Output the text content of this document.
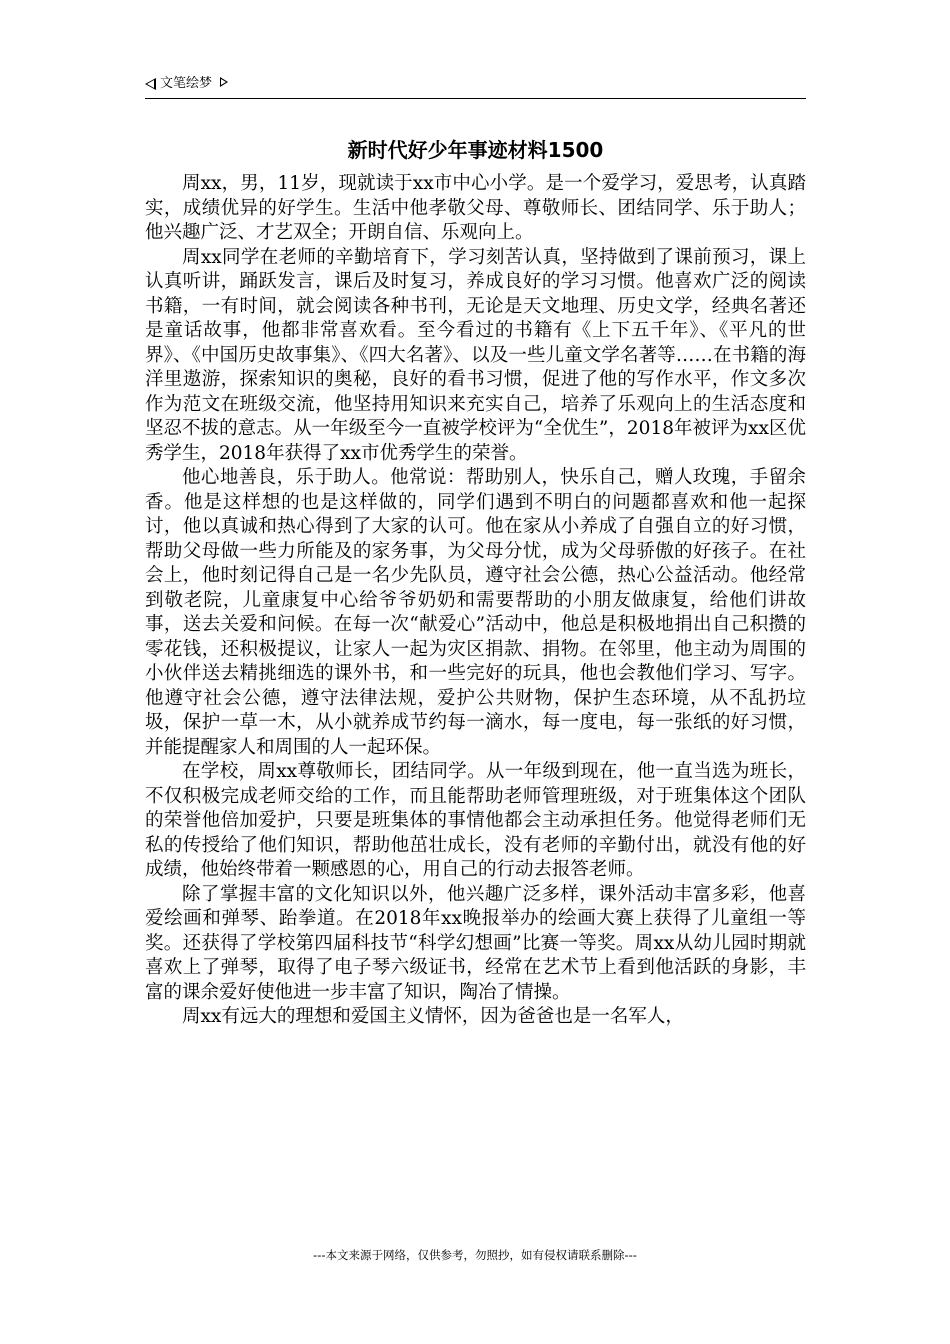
文笔绘梦
新时代好少年事迹材料1500

周xx，男，11岁，现就读于xx市中心小学。是一个爱学习，爱思考，认真踏实，成绩优异的好学生。生活中他孝敬父母、尊敬师长、团结同学、乐于助人；他兴趣广泛、才艺双全；开朗自信、乐观向上。

周xx同学在老师的辛勤培育下，学习刻苦认真，坚持做到了课前预习，课上认真听讲，踊跃发言，课后及时复习，养成良好的学习习惯。他喜欢广泛的阅读书籍，一有时间，就会阅读各种书刊，无论是天文地理、历史文学，经典名著还是童话故事，他都非常喜欢看。至今看过的书籍有《上下五千年》、《平凡的世界》、《中国历史故事集》、《四大名著》、以及一些儿童文学名著等……在书籍的海洋里遨游，探索知识的奥秘，良好的看书习惯，促进了他的写作水平，作文多次作为范文在班级交流，他坚持用知识来充实自己，培养了乐观向上的生活态度和坚忍不拔的意志。从一年级至今一直被学校评为“全优生”，2018年被评为xx区优秀学生，2018年获得了xx市优秀学生的荣誉。

他心地善良，乐于助人。他常说：帮助别人，快乐自己，赠人玫瑰，手留余香。他是这样想的也是这样做的，同学们遇到不明白的问题都喜欢和他一起探讨，他以真诚和热心得到了大家的认可。他在家从小养成了自强自立的好习惯，帮助父母做一些力所能及的家务事，为父母分忧，成为父母骄傲的好孩子。在社会上，他时刻记得自己是一名少先队员，遵守社会公德，热心公益活动。他经常到敬老院，儿童康复中心给爷爷奶奶和需要帮助的小朋友做康复，给他们讲故事，送去关爱和问候。在每一次“献爱心”活动中，他总是积极地捐出自己积攒的零花钱，还积极提议，让家人一起为灾区捐款、捐物。在邻里，他主动为周围的小伙伴送去精挑细选的课外书，和一些完好的玩具，他也会教他们学习、写字。他遵守社会公德，遵守法律法规，爱护公共财物，保护生态环境，从不乱扔垃圾，保护一草一木，从小就养成节约每一滴水，每一度电，每一张纸的好习惯，并能提醒家人和周围的人一起环保。

在学校，周xx尊敬师长，团结同学。从一年级到现在，他一直当选为班长，不仅积极完成老师交给的工作，而且能帮助老师管理班级，对于班集体这个团队的荣誉他倍加爱护，只要是班集体的事情他都会主动承担任务。他觉得老师们无私的传授给了他们知识，帮助他茁壮成长，没有老师的辛勤付出，就没有他的好成绩，他始终带着一颗感恩的心，用自己的行动去报答老师。

除了掌握丰富的文化知识以外，他兴趣广泛多样，课外活动丰富多彩，他喜爱绘画和弹琴、跆拳道。在2018年xx晚报举办的绘画大赛上获得了儿童组一等奖。还获得了学校第四届科技节“科学幻想画”比赛一等奖。周xx从幼儿园时期就喜欢上了弹琴，取得了电子琴六级证书，经常在艺术节上看到他活跃的身影，丰富的课余爱好使他进一步丰富了知识，陶冶了情操。

周xx有远大的理想和爱国主义情怀，因为爸爸也是一名军人，

---本文来源于网络，仅供参考，勿照抄，如有侵权请联系删除---
